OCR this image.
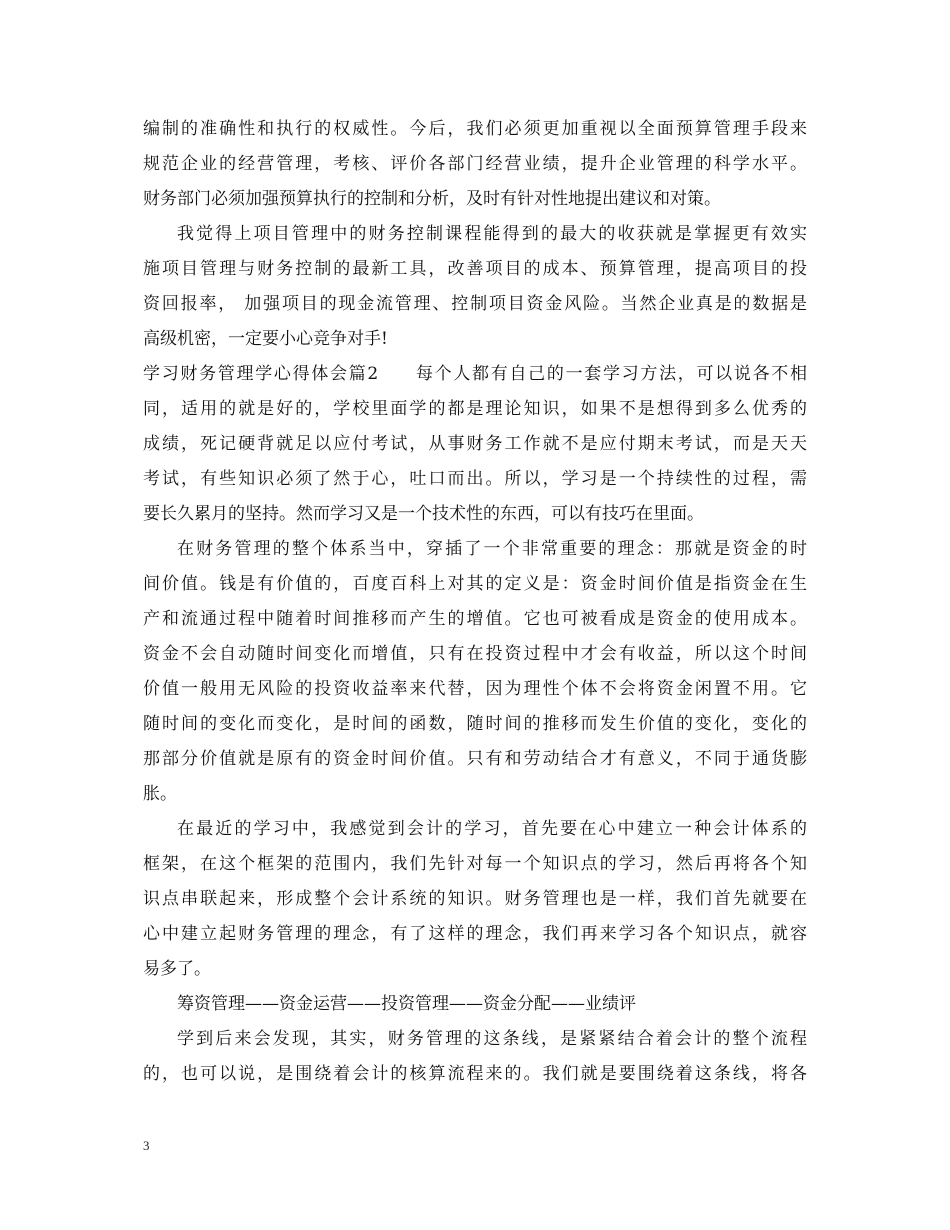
编制的准确性和执行的权威性。今后，我们必须更加重视以全面预算管理手段来
规范企业的经营管理，考核、评价各部门经营业绩，提升企业管理的科学水平。
财务部门必须加强预算执行的控制和分析，及时有针对性地提出建议和对策。
我觉得上项目管理中的财务控制课程能得到的最大的收获就是掌握更有效实
施项目管理与财务控制的最新工具，改善项目的成本、预算管理，提高项目的投
资回报率， 加强项目的现金流管理、控制项目资金风险。当然企业真是的数据是
高级机密，一定要小心竞争对手!
学习财务管理学心得体会篇2 每个人都有自己的一套学习方法，可以说各不相
同，适用的就是好的，学校里面学的都是理论知识，如果不是想得到多么优秀的
成绩，死记硬背就足以应付考试，从事财务工作就不是应付期末考试，而是天天
考试，有些知识必须了然于心，吐口而出。所以，学习是一个持续性的过程，需
要长久累月的坚持。然而学习又是一个技术性的东西，可以有技巧在里面。
在财务管理的整个体系当中，穿插了一个非常重要的理念：那就是资金的时
间价值。钱是有价值的，百度百科上对其的定义是：资金时间价值是指资金在生
产和流通过程中随着时间推移而产生的增值。它也可被看成是资金的使用成本。
资金不会自动随时间变化而增值，只有在投资过程中才会有收益，所以这个时间
价值一般用无风险的投资收益率来代替，因为理性个体不会将资金闲置不用。它
随时间的变化而变化，是时间的函数，随时间的推移而发生价值的变化，变化的
那部分价值就是原有的资金时间价值。只有和劳动结合才有意义，不同于通货膨
胀。
在最近的学习中，我感觉到会计的学习，首先要在心中建立一种会计体系的
框架，在这个框架的范围内，我们先针对每一个知识点的学习，然后再将各个知
识点串联起来，形成整个会计系统的知识。财务管理也是一样，我们首先就要在
心中建立起财务管理的理念，有了这样的理念，我们再来学习各个知识点，就容
易多了。
筹资管理——资金运营——投资管理——资金分配——业绩评
学到后来会发现，其实，财务管理的这条线，是紧紧结合着会计的整个流程
的，也可以说，是围绕着会计的核算流程来的。我们就是要围绕着这条线，将各
3
